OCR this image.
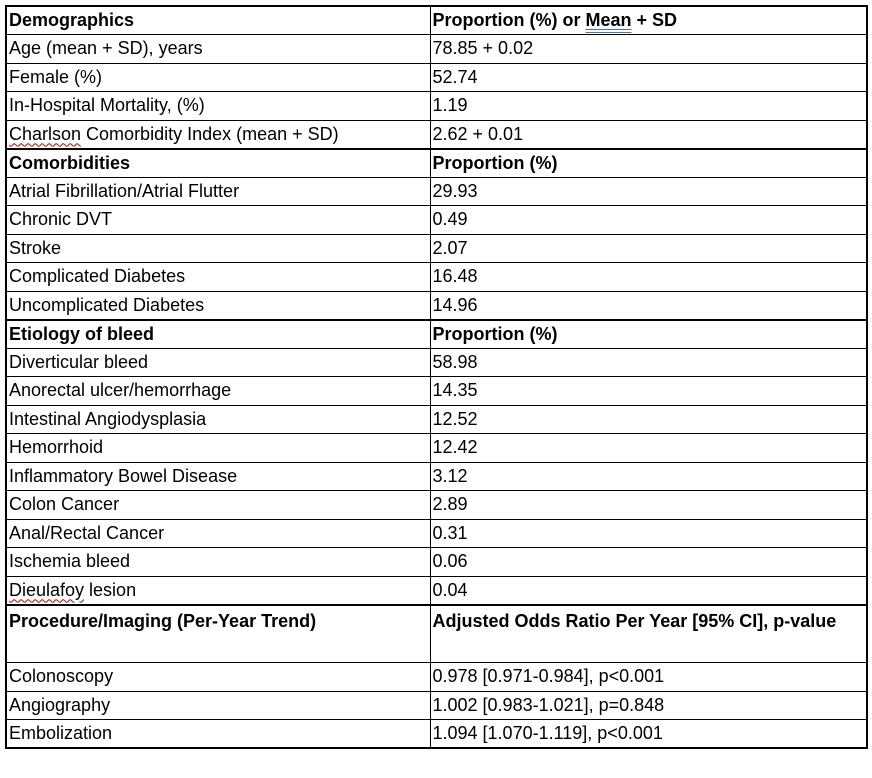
Demographics	Proportion (%) or Mean + SD
Age (mean + SD), years	78.85 + 0.02
Female (%)	52.74
In-Hospital Mortality, (%)	1.19
Charlson Comorbidity Index (mean + SD)	2.62 + 0.01
Comorbidities	Proportion (%)
Atrial Fibrillation/Atrial Flutter	29.93
Chronic DVT	0.49
Stroke	2.07
Complicated Diabetes	16.48
Uncomplicated Diabetes	14.96
Etiology of bleed	Proportion (%)
Diverticular bleed	58.98
Anorectal ulcer/hemorrhage	14.35
Intestinal Angiodysplasia	12.52
Hemorrhoid	12.42
Inflammatory Bowel Disease	3.12
Colon Cancer	2.89
Anal/Rectal Cancer	0.31
Ischemia bleed	0.06
Dieulafoy lesion	0.04
Procedure/Imaging (Per-Year Trend)	Adjusted Odds Ratio Per Year [95% CI], p-value
Colonoscopy	0.978 [0.971-0.984], p<0.001
Angiography	1.002 [0.983-1.021], p=0.848
Embolization	1.094 [1.070-1.119], p<0.001
